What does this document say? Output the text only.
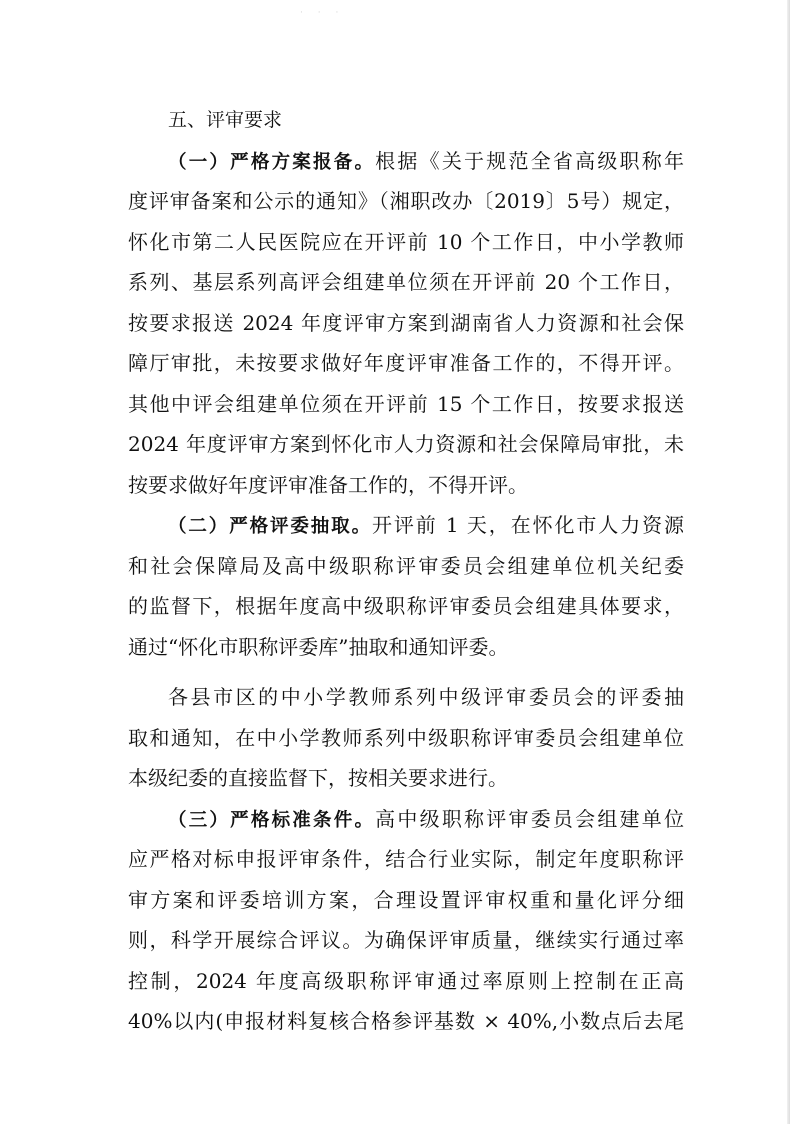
· · ·
五、评审要求
（一）严格方案报备。根据《关于规范全省高级职称年
度评审备案和公示的通知》（湘职改办〔2019〕5号）规定，
怀化市第二人民医院应在开评前 10 个工作日，中小学教师
系列、基层系列高评会组建单位须在开评前 20 个工作日，
按要求报送 2024 年度评审方案到湖南省人力资源和社会保
障厅审批，未按要求做好年度评审准备工作的，不得开评。
其他中评会组建单位须在开评前 15 个工作日，按要求报送
2024 年度评审方案到怀化市人力资源和社会保障局审批，未
按要求做好年度评审准备工作的，不得开评。
（二）严格评委抽取。开评前 1 天，在怀化市人力资源
和社会保障局及高中级职称评审委员会组建单位机关纪委
的监督下，根据年度高中级职称评审委员会组建具体要求，
通过“怀化市职称评委库”抽取和通知评委。
各县市区的中小学教师系列中级评审委员会的评委抽
取和通知，在中小学教师系列中级职称评审委员会组建单位
本级纪委的直接监督下，按相关要求进行。
（三）严格标准条件。高中级职称评审委员会组建单位
应严格对标申报评审条件，结合行业实际，制定年度职称评
审方案和评委培训方案，合理设置评审权重和量化评分细
则，科学开展综合评议。为确保评审质量，继续实行通过率
控制，2024 年度高级职称评审通过率原则上控制在正高
40%以内(申报材料复核合格参评基数 × 40%,小数点后去尾
